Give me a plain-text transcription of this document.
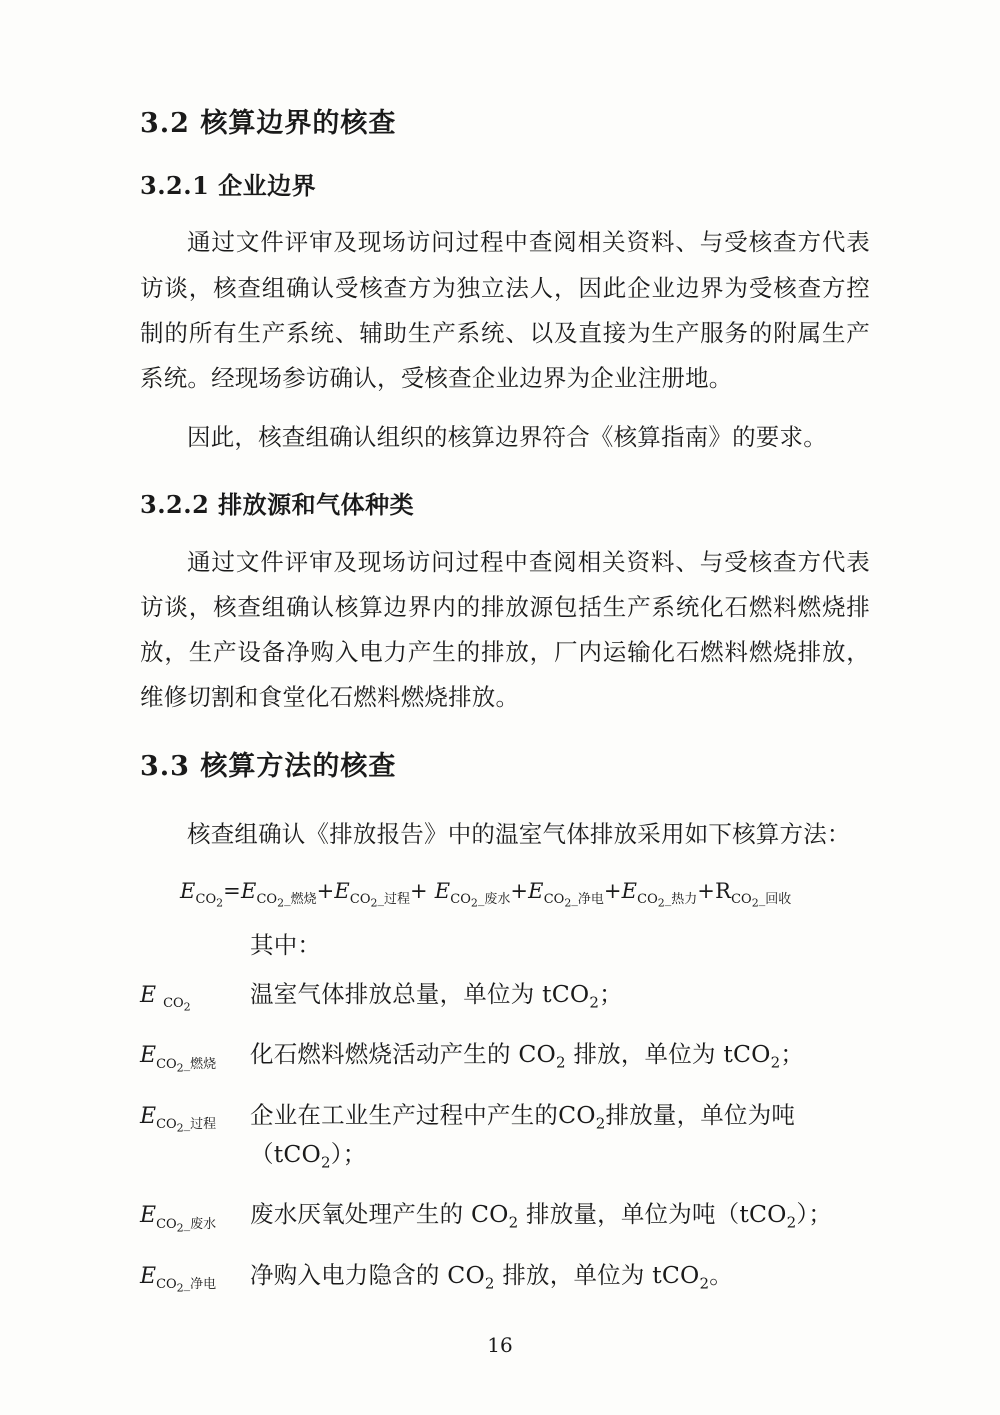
3.2 核算边界的核查
3.2.1 企业边界

通过文件评审及现场访问过程中查阅相关资料、与受核查方代表访谈，核查组确认受核查方为独立法人，因此企业边界为受核查方控制的所有生产系统、辅助生产系统、以及直接为生产服务的附属生产系统。经现场参访确认，受核查企业边界为企业注册地。

因此，核查组确认组织的核算边界符合《核算指南》的要求。

3.2.2 排放源和气体种类

通过文件评审及现场访问过程中查阅相关资料、与受核查方代表访谈，核查组确认核算边界内的排放源包括生产系统化石燃料燃烧排放，生产设备净购入电力产生的排放，厂内运输化石燃料燃烧排放，维修切割和食堂化石燃料燃烧排放。

3.3 核算方法的核查

核查组确认《排放报告》中的温室气体排放采用如下核算方法：

$E_{CO_2}=E_{CO_2\_燃烧}+E_{CO_2\_过程}+ E_{CO_2\_废水}+E_{CO_2\_净电}+E_{CO_2\_热力}+R_{CO_2\_回收}$
其中：
E $_{CO_2}$	温室气体排放总量，单位为 tCO$_2$；
$E_{CO_2\_燃烧}$	化石燃料燃烧活动产生的 $CO_2$ 排放，单位为 tCO$_2$；
$E_{CO_2\_过程}$	企业在工业生产过程中产生的$CO_2$排放量，单位为吨（tCO$_2$）；
$E_{CO_2\_废水}$	废水厌氧处理产生的 $CO_2$ 排放量，单位为吨（tCO$_2$）；
$E_{CO_2\_净电}$	净购入电力隐含的 $CO_2$ 排放，单位为 tCO$_2$。
16
